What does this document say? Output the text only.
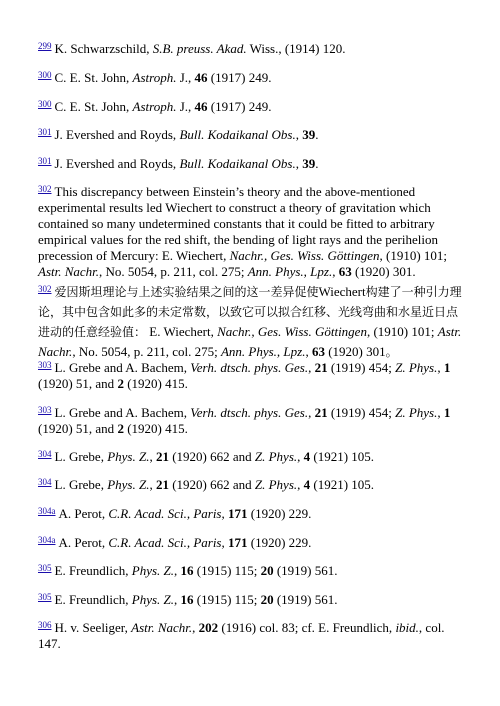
$^{299}$ K. Schwarzschild, S.B. preuss. Akad. Wiss., (1914) 120.

$^{300}$ C. E. St. John, Astroph. J., 46 (1917) 249.

$^{300}$ C. E. St. John, Astroph. J., 46 (1917) 249.

$^{301}$ J. Evershed and Royds, Bull. Kodaikanal Obs., 39.

$^{301}$ J. Evershed and Royds, Bull. Kodaikanal Obs., 39.

$^{302}$ This discrepancy between Einstein’s theory and the above-mentioned experimental results led Wiechert to construct a theory of gravitation which contained so many undetermined constants that it could be fitted to arbitrary empirical values for the red shift, the bending of light rays and the perihelion precession of Mercury: E. Wiechert, Nachr., Ges. Wiss. Göttingen, (1910) 101; Astr. Nachr., No. 5054, p. 211, col. 275; Ann. Phys., Lpz., 63 (1920) 301.

$^{302}$ 爱因斯坦理论与上述实验结果之间的这一差异促使Wiechert构建了一种引力理论，其中包含如此多的未定常数，以致它可以拟合红移、光线弯曲和水星近日点进动的任意经验值： E. Wiechert, Nachr., Ges. Wiss. Göttingen, (1910) 101; Astr. Nachr., No. 5054, p. 211, col. 275; Ann. Phys., Lpz., 63 (1920) 301。

$^{303}$ L. Grebe and A. Bachem, Verh. dtsch. phys. Ges., 21 (1919) 454; Z. Phys., 1 (1920) 51, and 2 (1920) 415.

$^{303}$ L. Grebe and A. Bachem, Verh. dtsch. phys. Ges., 21 (1919) 454; Z. Phys., 1 (1920) 51, and 2 (1920) 415.

$^{304}$ L. Grebe, Phys. Z., 21 (1920) 662 and Z. Phys., 4 (1921) 105.

$^{304}$ L. Grebe, Phys. Z., 21 (1920) 662 and Z. Phys., 4 (1921) 105.

$^{304a}$ A. Perot, C.R. Acad. Sci., Paris, 171 (1920) 229.

$^{304a}$ A. Perot, C.R. Acad. Sci., Paris, 171 (1920) 229.

$^{305}$ E. Freundlich, Phys. Z., 16 (1915) 115; 20 (1919) 561.

$^{305}$ E. Freundlich, Phys. Z., 16 (1915) 115; 20 (1919) 561.

$^{306}$ H. v. Seeliger, Astr. Nachr., 202 (1916) col. 83; cf. E. Freundlich, ibid., col. 147.
